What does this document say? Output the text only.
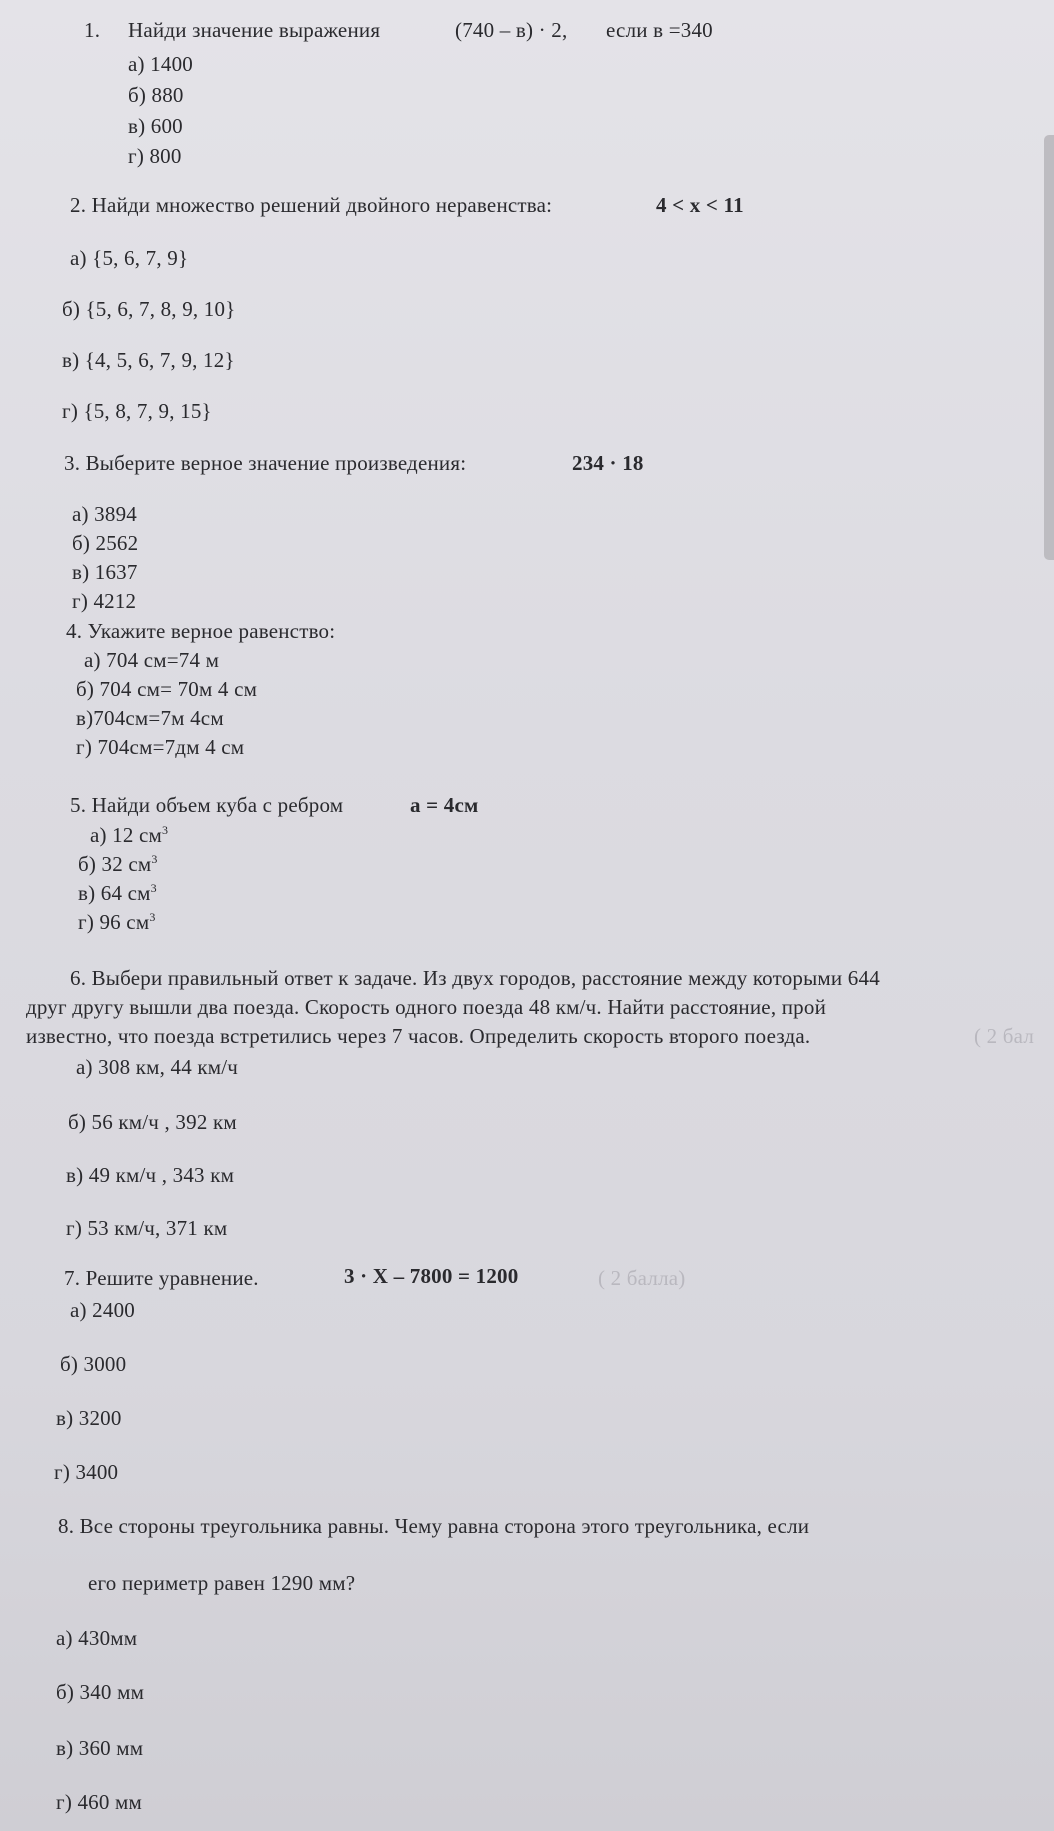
1. Найди значение выражения	(740 – в) · 2, если в =340
а) 1400
б) 880
в) 600
г) 800
2. Найди множество решений двойного неравенства:	4 < x < 11
а) {5, 6, 7, 9}
б) {5, 6, 7, 8, 9, 10}
в) {4, 5, 6, 7, 9, 12}
г) {5, 8, 7, 9, 15}
3. Выберите верное значение произведения:	234 · 18
а) 3894
б) 2562
в) 1637
г) 4212
4. Укажите верное равенство:
а) 704 см=74 м
б) 704 см= 70м 4 см
в)704см=7м 4см
г) 704см=7дм 4 см
5. Найди объем куба с ребром	a = 4см
а) 12 $см^3$
б) 32 $см^3$
в) 64 $см^3$
г) 96 $см^3$
6. Выбери правильный ответ к задаче. Из двух городов, расстояние между которыми 644
друг другу вышли два поезда. Скорость одного поезда 48 км/ч. Найти расстояние, прой
известно, что поезда встретились через 7 часов. Определить скорость второго поезда.	( 2 бал
а) 308 км, 44 км/ч
б) 56 км/ч , 392 км
в) 49 км/ч , 343 км
г) 53 км/ч, 371 км
7. Решите уравнение.	3 · X – 7800 = 1200	( 2 балла)
а) 2400
б) 3000
в) 3200
г) 3400
8. Все стороны треугольника равны. Чему равна сторона этого треугольника, если
его периметр равен 1290 мм?
а) 430мм
б) 340 мм
в) 360 мм
г) 460 мм
